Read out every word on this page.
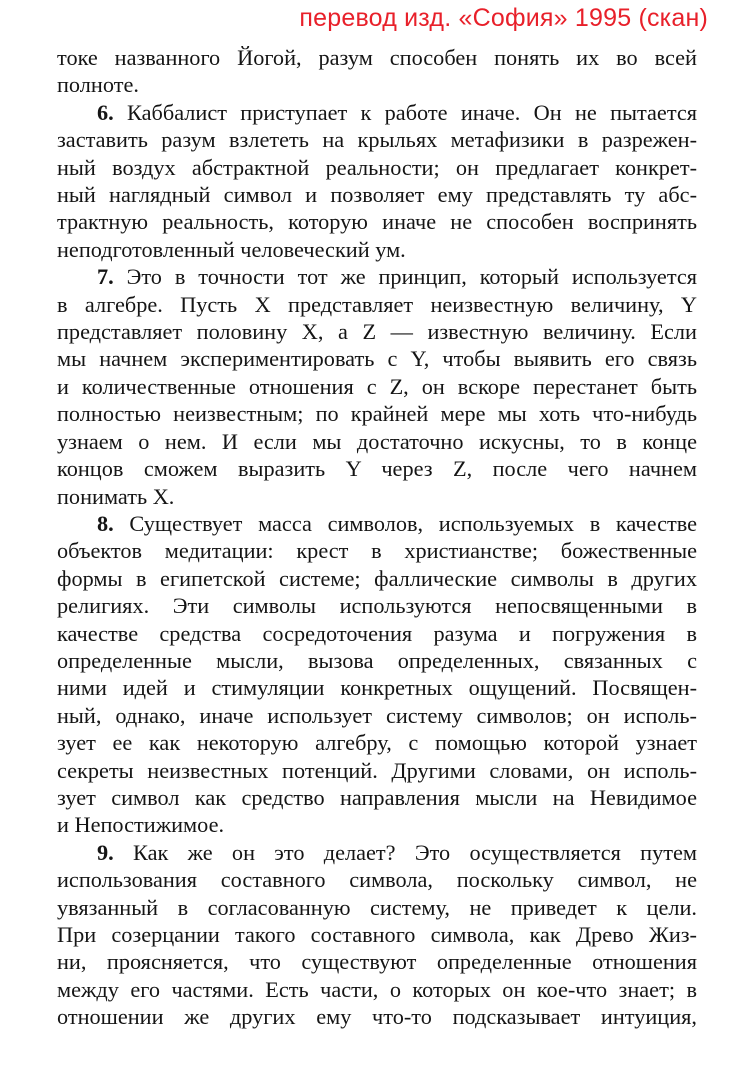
перевод изд. «София» 1995 (скан)
токе названного Йогой, разум способен понять их во всей
полноте.
6. Каббалист приступает к работе иначе. Он не пытается
заставить разум взлететь на крыльях метафизики в разрежен-
ный воздух абстрактной реальности; он предлагает конкрет-
ный наглядный символ и позволяет ему представлять ту абс-
трактную реальность, которую иначе не способен воспринять
неподготовленный человеческий ум.
7. Это в точности тот же принцип, который используется
в алгебре. Пусть X представляет неизвестную величину, Y
представляет половину X, а Z — известную величину. Если
мы начнем экспериментировать с Y, чтобы выявить его связь
и количественные отношения с Z, он вскоре перестанет быть
полностью неизвестным; по крайней мере мы хоть что-нибудь
узнаем о нем. И если мы достаточно искусны, то в конце
концов сможем выразить Y через Z, после чего начнем
понимать X.
8. Существует масса символов, используемых в качестве
объектов медитации: крест в христианстве; божественные
формы в египетской системе; фаллические символы в других
религиях. Эти символы используются непосвященными в
качестве средства сосредоточения разума и погружения в
определенные мысли, вызова определенных, связанных с
ними идей и стимуляции конкретных ощущений. Посвящен-
ный, однако, иначе использует систему символов; он исполь-
зует ее как некоторую алгебру, с помощью которой узнает
секреты неизвестных потенций. Другими словами, он исполь-
зует символ как средство направления мысли на Невидимое
и Непостижимое.
9. Как же он это делает? Это осуществляется путем
использования составного символа, поскольку символ, не
увязанный в согласованную систему, не приведет к цели.
При созерцании такого составного символа, как Древо Жиз-
ни, проясняется, что существуют определенные отношения
между его частями. Есть части, о которых он кое-что знает; в
отношении же других ему что-то подсказывает интуиция,
